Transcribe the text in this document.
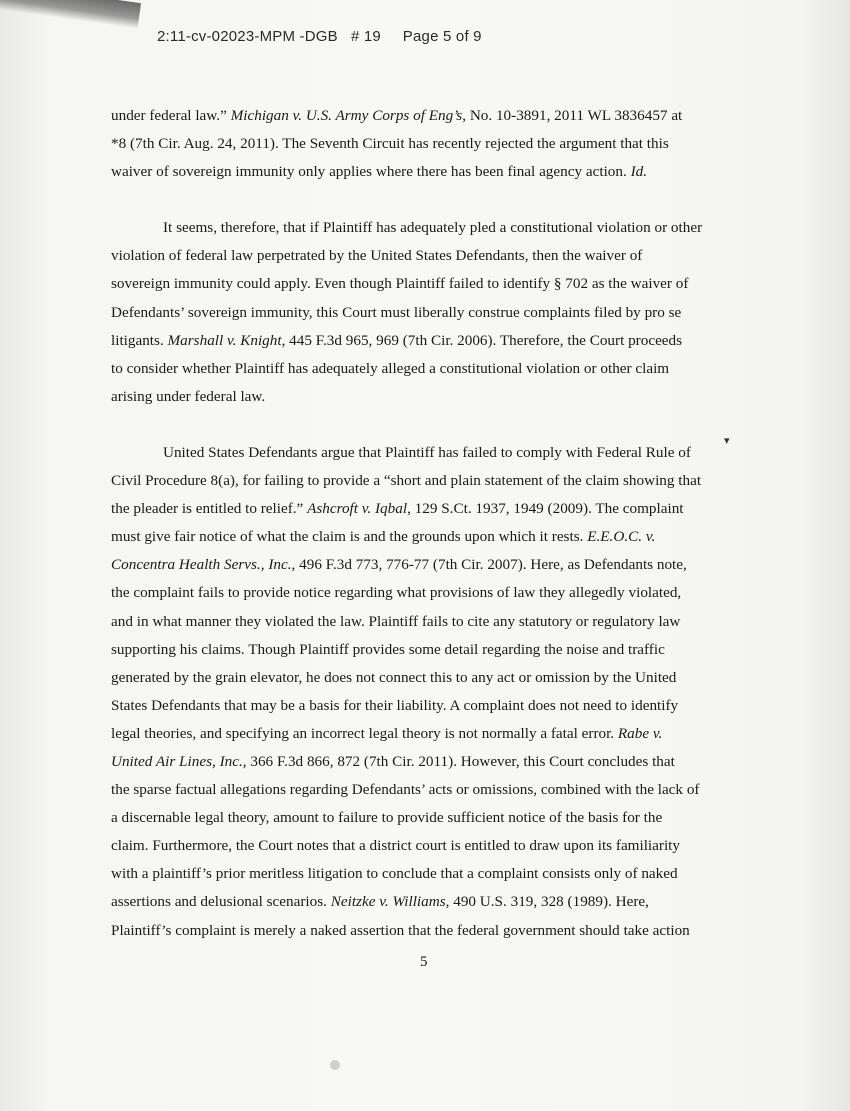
2:11-cv-02023-MPM -DGB # 19 Page 5 of 9
under federal law.” Michigan v. U.S. Army Corps of Eng’s, No. 10-3891, 2011 WL 3836457 at
*8 (7th Cir. Aug. 24, 2011). The Seventh Circuit has recently rejected the argument that this
waiver of sovereign immunity only applies where there has been final agency action. Id.
It seems, therefore, that if Plaintiff has adequately pled a constitutional violation or other
violation of federal law perpetrated by the United States Defendants, then the waiver of
sovereign immunity could apply. Even though Plaintiff failed to identify § 702 as the waiver of
Defendants’ sovereign immunity, this Court must liberally construe complaints filed by pro se
litigants. Marshall v. Knight, 445 F.3d 965, 969 (7th Cir. 2006). Therefore, the Court proceeds
to consider whether Plaintiff has adequately alleged a constitutional violation or other claim
arising under federal law.
United States Defendants argue that Plaintiff has failed to comply with Federal Rule of
Civil Procedure 8(a), for failing to provide a “short and plain statement of the claim showing that
the pleader is entitled to relief.” Ashcroft v. Iqbal, 129 S.Ct. 1937, 1949 (2009). The complaint
must give fair notice of what the claim is and the grounds upon which it rests. E.E.O.C. v.
Concentra Health Servs., Inc., 496 F.3d 773, 776-77 (7th Cir. 2007). Here, as Defendants note,
the complaint fails to provide notice regarding what provisions of law they allegedly violated,
and in what manner they violated the law. Plaintiff fails to cite any statutory or regulatory law
supporting his claims. Though Plaintiff provides some detail regarding the noise and traffic
generated by the grain elevator, he does not connect this to any act or omission by the United
States Defendants that may be a basis for their liability. A complaint does not need to identify
legal theories, and specifying an incorrect legal theory is not normally a fatal error. Rabe v.
United Air Lines, Inc., 366 F.3d 866, 872 (7th Cir. 2011). However, this Court concludes that
the sparse factual allegations regarding Defendants’ acts or omissions, combined with the lack of
a discernable legal theory, amount to failure to provide sufficient notice of the basis for the
claim. Furthermore, the Court notes that a district court is entitled to draw upon its familiarity
with a plaintiff’s prior meritless litigation to conclude that a complaint consists only of naked
assertions and delusional scenarios. Neitzke v. Williams, 490 U.S. 319, 328 (1989). Here,
Plaintiff’s complaint is merely a naked assertion that the federal government should take action
▾
5
